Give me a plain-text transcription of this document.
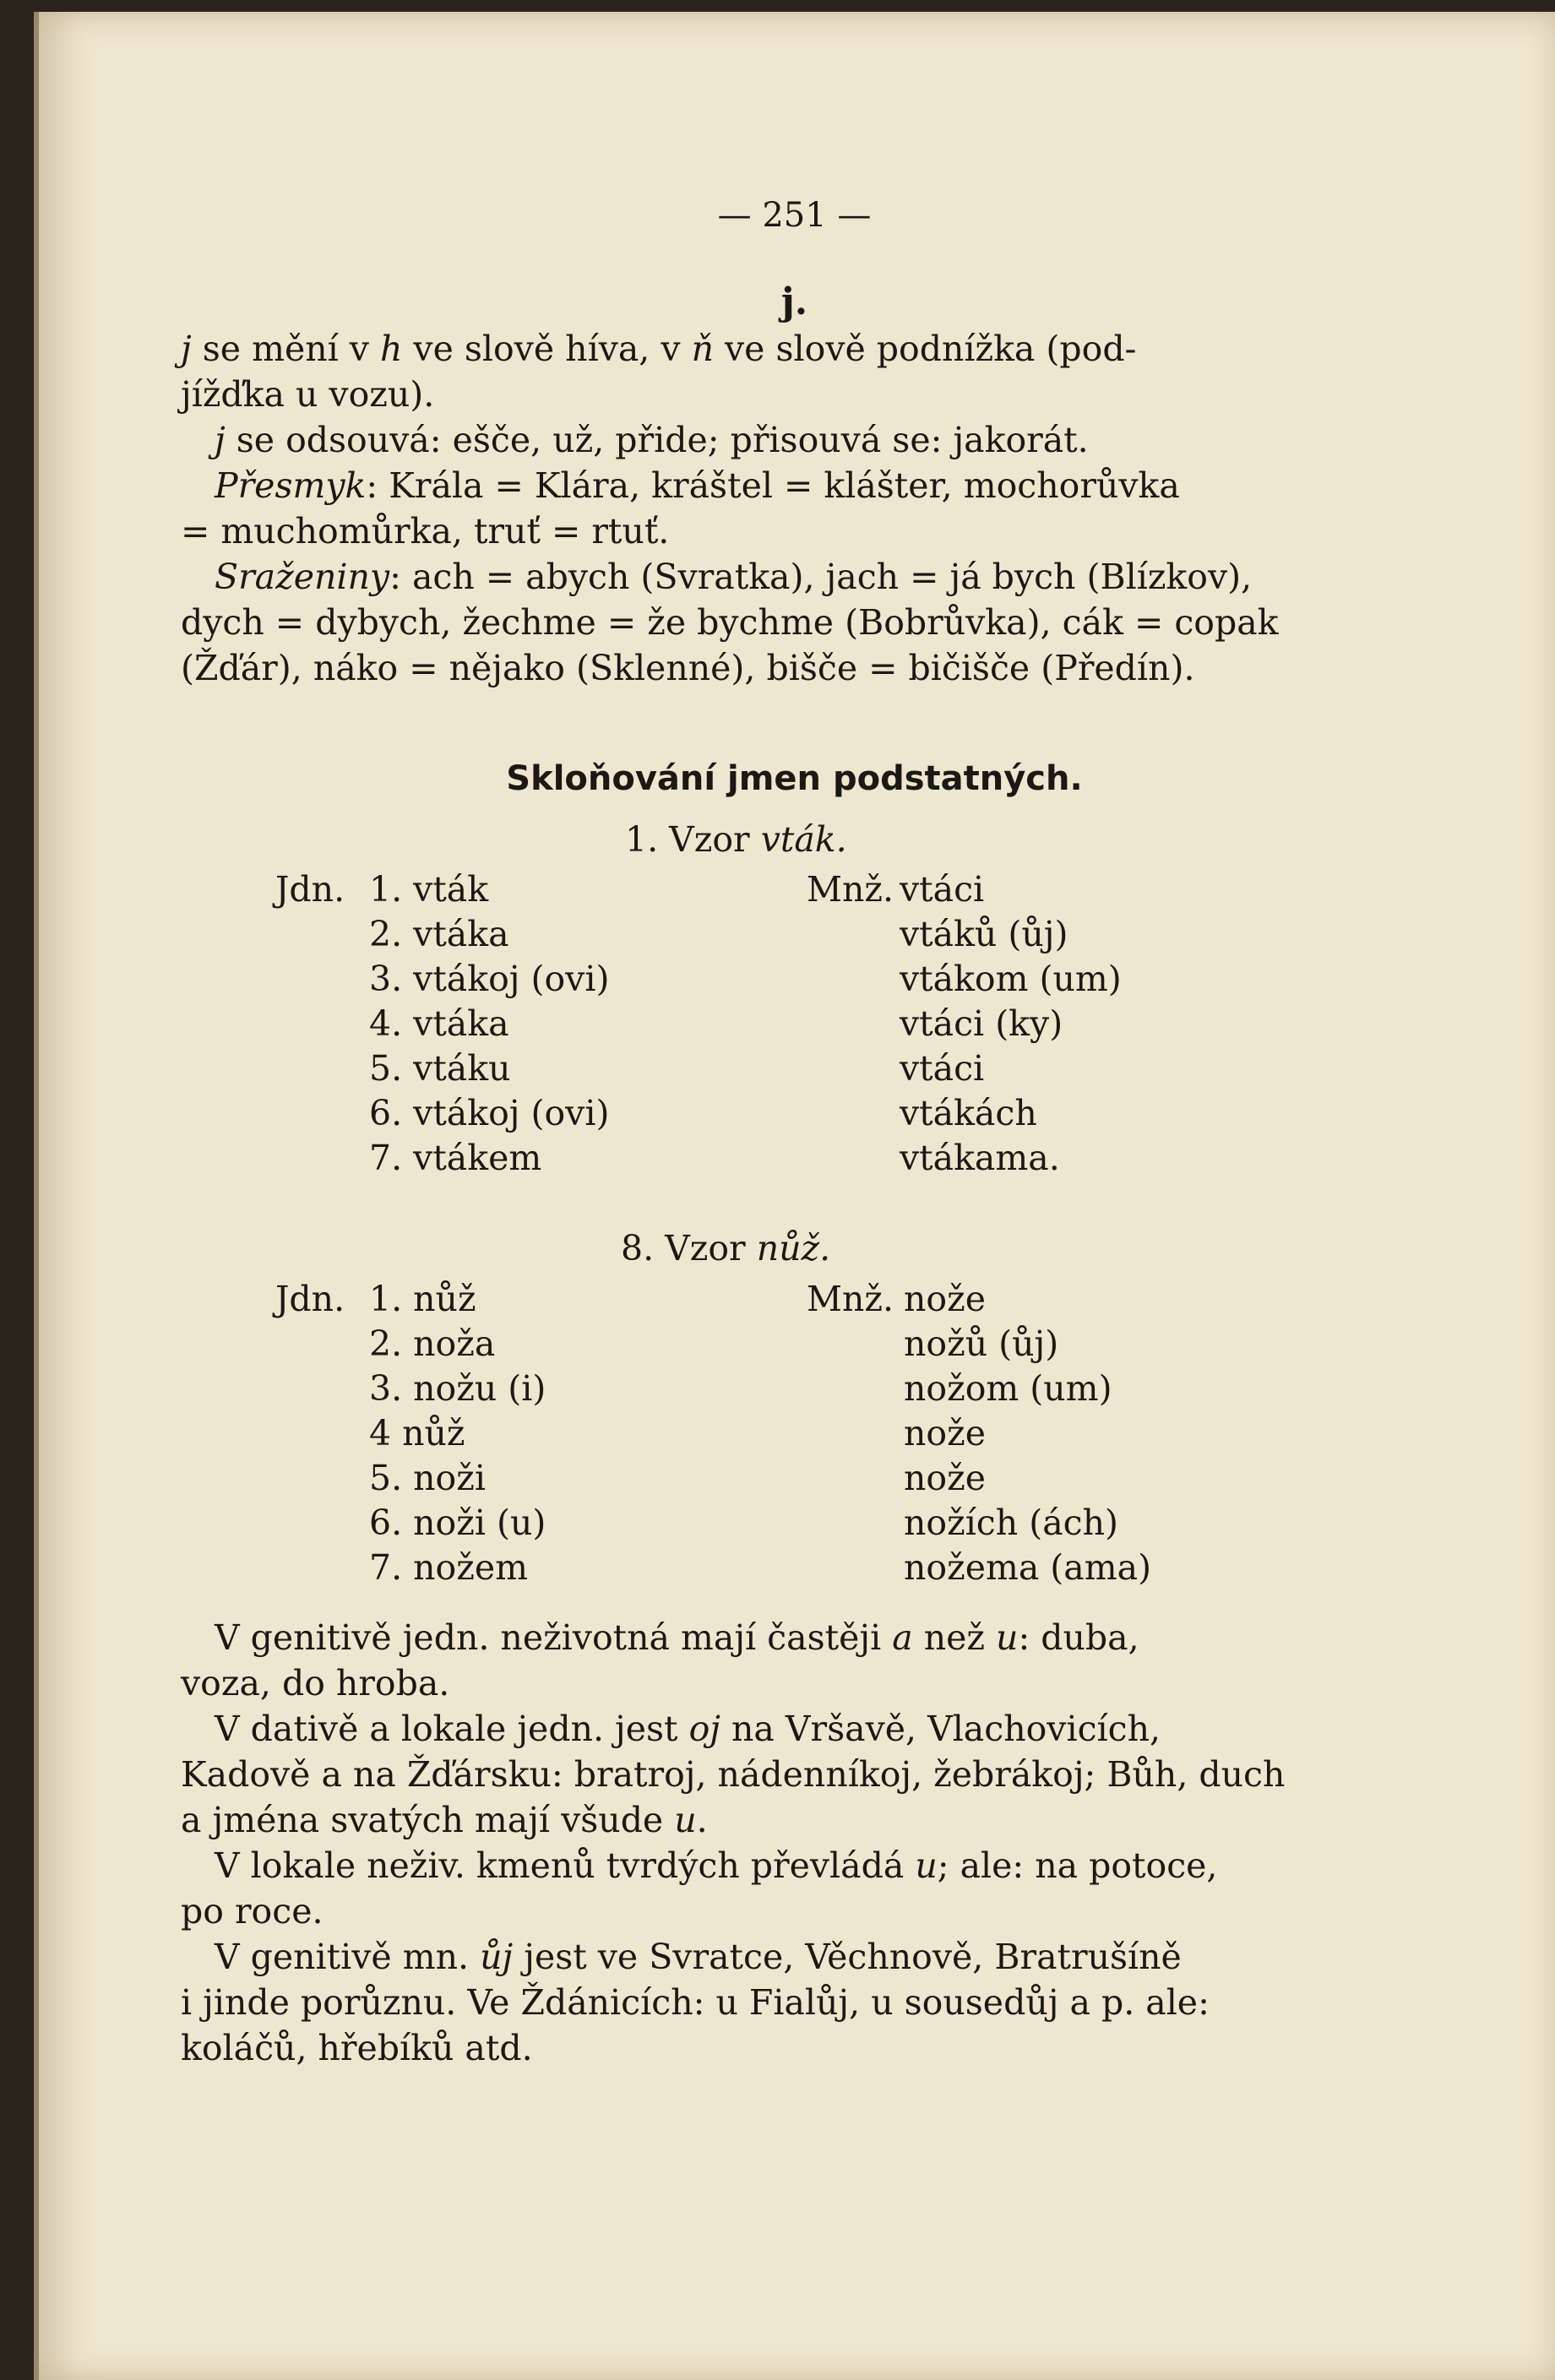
— 251 —
j.
j se mění v h ve slově híva, v ň ve slově podnížka (pod-
jížďka u vozu).
j se odsouvá: ešče, už, přide; přisouvá se: jakorát.
Přesmyk: Krála = Klára, kráštel = klášter, mochorůvka
= muchomůrka, truť = rtuť.
Sraženiny: ach = abych (Svratka), jach = já bych (Blízkov),
dych = dybych, žechme = že bychme (Bobrůvka), cák = copak
(Žďár), náko = nějako (Sklenné), bišče = bičišče (Předín).
Skloňování jmen podstatných.
1. Vzor vták.
Jdn. 1. vták
2. vtáka
3. vtákoj (ovi)
4. vtáka
5. vtáku
6. vtákoj (ovi)
7. vtákem
Mnž. vtáci
vtáků (ůj)
vtákom (um)
vtáci (ky)
vtáci
vtákách
vtákama.
8. Vzor nůž.
Jdn. 1. nůž
2. noža
3. nožu (i)
4 nůž
5. noži
6. noži (u)
7. nožem
Mnž. nože
nožů (ůj)
nožom (um)
nože
nože
nožích (ách)
nožema (ama)
V genitivě jedn. neživotná mají častěji a než u: duba,
voza, do hroba.
V dativě a lokale jedn. jest oj na Vršavě, Vlachovicích,
Kadově a na Žďársku: bratroj, nádenníkoj, žebrákoj; Bůh, duch
a jména svatých mají všude u.
V lokale neživ. kmenů tvrdých převládá u; ale: na potoce,
po roce.
V genitivě mn. ůj jest ve Svratce, Věchnově, Bratrušíně
i jinde porůznu. Ve Ždánicích: u Fialůj, u sousedůj a p. ale:
koláčů, hřebíků atd.
